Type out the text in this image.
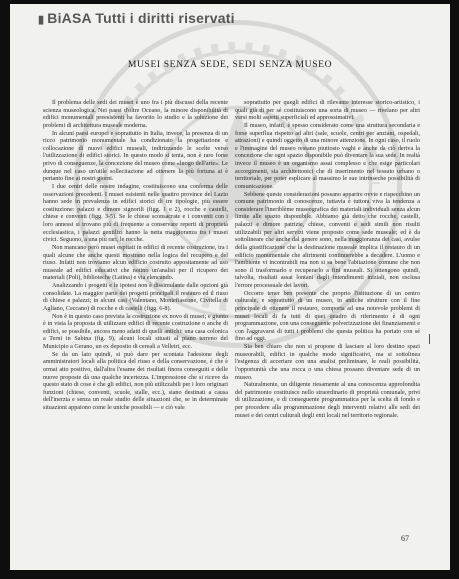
▮ BiASA Tutti i diritti riservati
MUSEI SENZA SEDE, SEDI SENZA MUSEO

Il problema delle sedi dei musei è uno fra i più discussi della recente scienza museologica. Nei paesi d'oltre Oceano, la minore disponibilità di edifici monumentali preesistenti ha favorito lo studio e la soluzione dei problemi di architettura museale moderna.

In alcuni paesi europei e soprattutto in Italia, invece, la presenza di un ricco patrimonio monumentale ha condizionato la progettazione e collocazione di nuovi edifici museali, indirizzando le scelte verso l'utilizzazione di edifici storici. In questo modo si tenta, non è raro forse privo di conseguenze, la concezione del museo come «luogo dell'arte». Le dunque nel caso un'utile sollecitazione ad ottenere la più fortuna ai è pertanto fine ai nostri giorni.

I due centri delle nostre indagine, costituiscono una conferma delle osservazioni precedenti. I musei esistenti nelle quattro province del Lazio hanno sede in prevalenza in edifici storici di tre tipologie, più essere costituzione: palazzi e dimore signorili (figg. 1 e 2), rocche e castelli, chiese e conventi (figg. 3-5). Se le chiese sconsacrate e i conventi con i loro annessi si trovano più di frequente a conservare reperti di proprietà ecclesiastica, i palazzi gentilizi hanno la netta maggioranza tra i musei civici. Seguono, a una più rari, le rocche.

Non mancano però musei ospitati in edifici di recente costruzione, tra i quali alcune che anche questi mostrano nella logica del recupero e del riuso. Infatti non troviamo alcun edificio costruito appositamente ad uso museale ad edifici educativi che notino un'analisi per il ricupero dei materiali (Poli), biblioteche (Latina) e via elencando.

Analizzando i progetti e le ipotesi non è dissimulante dalle opzioni già consolidate. La maggior parte dei progetti principali il restauro ed il riuso di chiese e palazzi; in alcuni casi (Valentano, Montefiascone, Civitella di Agliano, Ceccano) di rocche e di castelli (figg. 6-8).

Non è in questo caso prevista la costruzione ex novo di musei; e giunto è in vista la proposta di utilizzare edifici di recente costruzione o anche di edifici, se possibile, ancora meno adatti di quelli antichi: una casa colonica a Terni in Sabina (fig. 9), alcuni locali situati al piano terreno del Municipio a Gerano, un ex deposito di cereali a Velletri, ecc.

Se da un lato quindi, si può dare per scontata l'adesione degli amministratori locali alla politica del riuso e della conservazione, è che è ormai atto positivo, dall'altra l'esame dei risultati finora conseguiti e delle nuove proposte dà una qualche incertezza. L'impressione che si riceve da questo stato di cose è che gli edifici, non più utilizzabili per i loro originari funzioni (chiese, conventi, scuole, stalle, ecc.), siano destinati a causa dell'inerzia e senza un reale studio delle situazioni che, se in determinate situazioni appaiono come le uniche possibili — e ciò vale

soprattutto per quegli edifici di rilevante interesse storico-artistico, i quali già di per sé costituiscono una sorta di museo — rivelano per altri versi molti aspetti superficiali ed approssimativi.

Il museo, infatti, è spesso considerato come una struttura secondaria e forse superflua rispetto ad altri (sale, scuole, centri per anziani, ospedali, attrazioni) e quindi oggetto di una minore attenzione. In ogni caso, il ruolo e l'immagine del museo restano piuttosto vaghi e anche da ciò deriva la concezione che ogni spazio disponibile può diventare la sua sede. In realtà invece il museo è un organismo assai complesso e che esige particolari accorgimenti, sia architettonici che di inserimento nel tessuto urbano o territoriale, per poter esplicare al massimo le sue intrinseche possibilità di comunicazione.

Sebbene queste considerazioni possano apparire ovvie e rispecchino un comune patrimonio di conoscenze, tuttavia è tuttora viva la tendenza a considerare l'ineriblème museografica dei materiali individuali senza alcun limite alle spazio disponibile. Abbiamo già detto che rocche, castelli, palazzi e dimore patrizie, chiese, conventi e sedi simili non risulti utilizzabili per altri servizi viene proposto come sede museale; ed è da sottolineare che anche dal genere sono, nella maggioranza dei casi, avulse della giustificazione che la destinazione museale implica il restauro di un edificio monumentale che altrimenti continuerebbe a decadere. L'uomo e l'ambiente vi incontrabili ma non si sa bene l'abitazione comune che non sono il trasformarlo e recuperarlo a fini museali. Si ottengono quindi, talvolta, risultati assai lontani dagli intendimenti iniziali, non esclusa l'errore processuale dei lavori.

Occorre tener ben presente che proprio l'istituzione di un centro culturale, e soprattutto di un museo, in antiche strutture con il fine principale di ottenere il restauro, comporta ad una notevole problemi di musei locali di fa tutti di quei quadro di riferimento è di ogni programmazione, con una conseguente polverizzazione dei finanziamenti e con l'aggravarsi di tutti i problemi che questa politica ha portato con sé fino ad oggi.

Sia ben chiaro che non si propone di lasciare al loro destino spazi museorabili, edifici in qualche modo significativi, ma si sottolinea l'esigenza di accertare con una analisi preliminare, le reali possibilità, l'opportunità che una rocca o una chiesa possano diventare sede di un museo.

Naturalmente, un diligente riesamente al una conoscenza approfondita del patrimonio costituisce nello straordinario di proprietà comunale, privi di utilizzazione, e di conseguente programmatica per la scelta di fondo e per procedere alla programmazione degli interventi relativi alle sedi dei musei e dei centri culturali degli enti locali nel territorio regionale.

67
